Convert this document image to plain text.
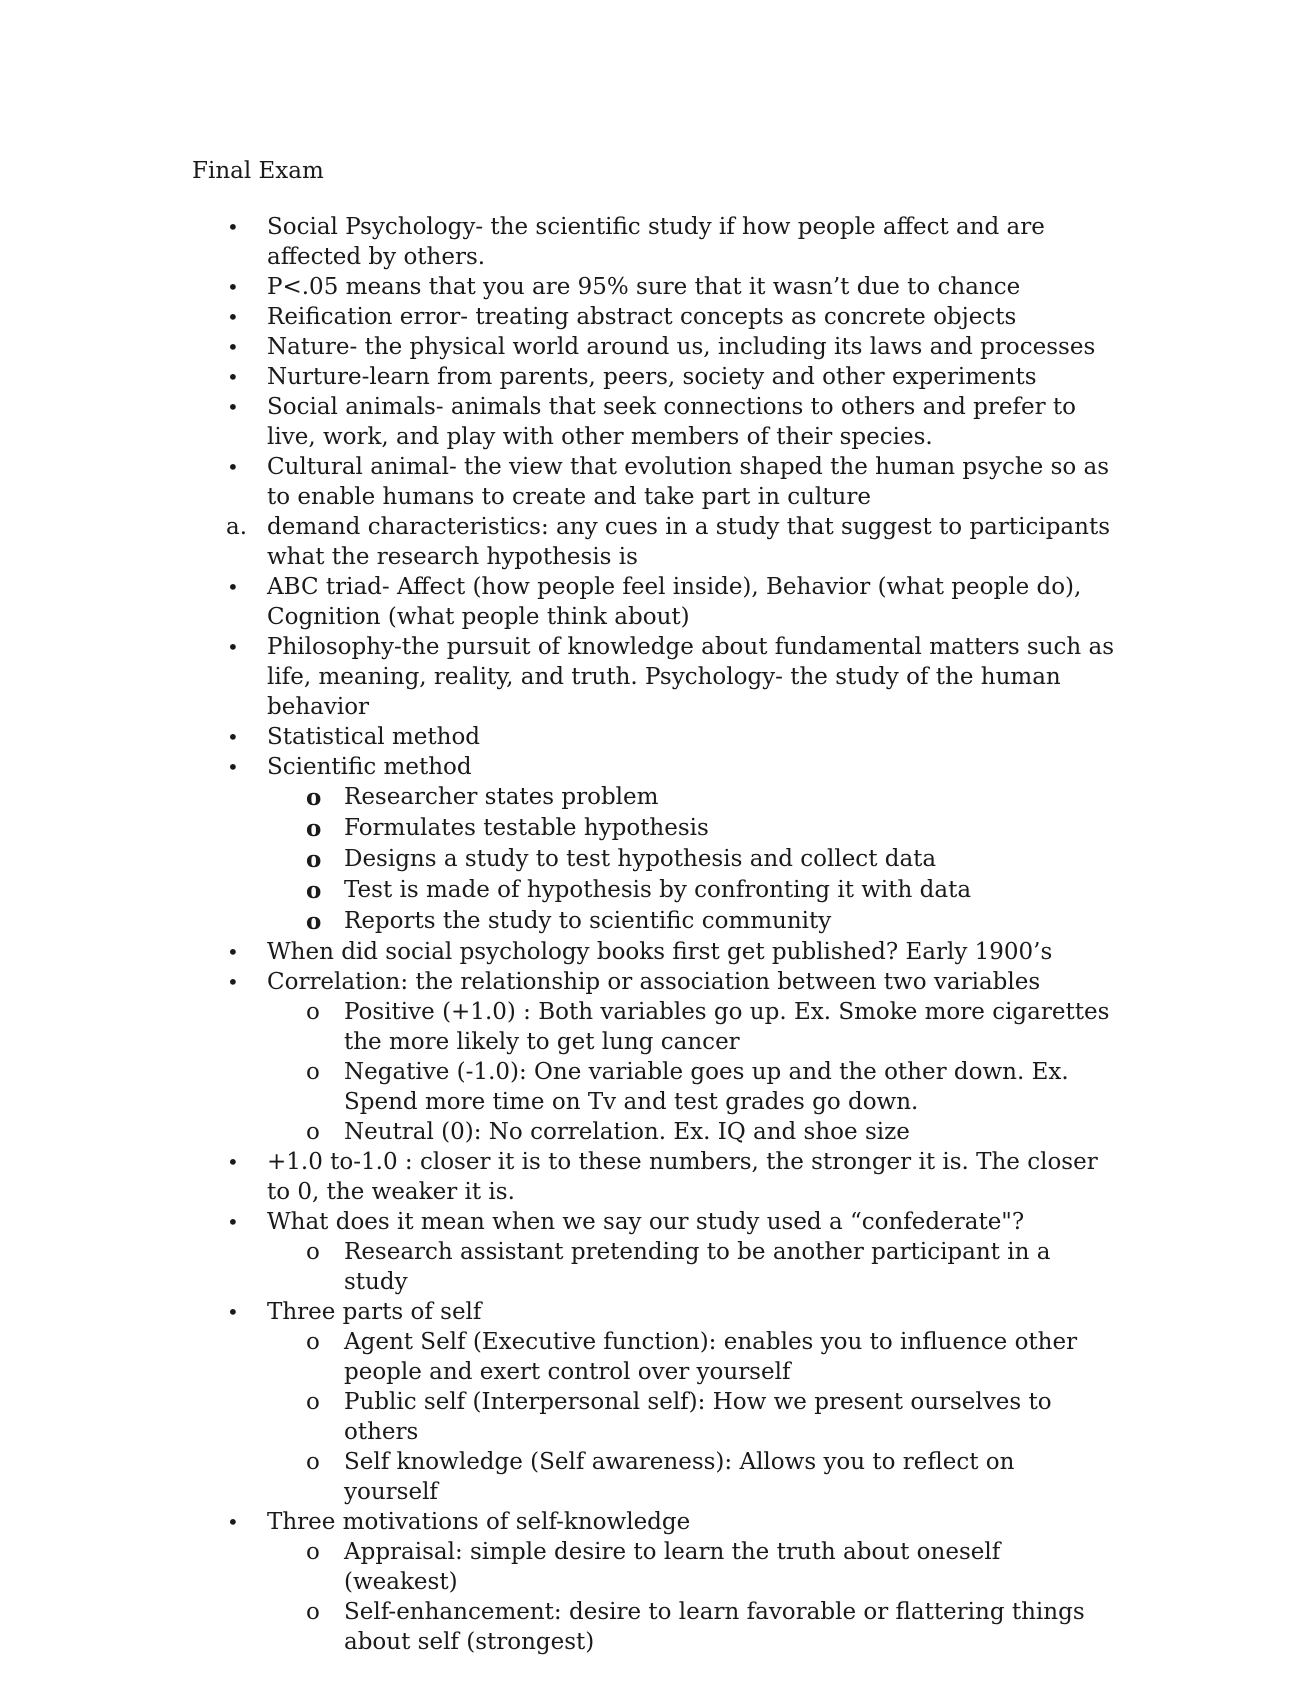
Final Exam
•	Social Psychology- the scientific study if how people affect and are affected by others.
•	P<.05 means that you are 95% sure that it wasn’t due to chance
•	Reification error- treating abstract concepts as concrete objects
•	Nature- the physical world around us, including its laws and processes
•	Nurture-learn from parents, peers, society and other experiments
•	Social animals- animals that seek connections to others and prefer to live, work, and play with other members of their species.
•	Cultural animal- the view that evolution shaped the human psyche so as to enable humans to create and take part in culture
a. demand characteristics: any cues in a study that suggest to participants what the research hypothesis is
•	ABC triad- Affect (how people feel inside), Behavior (what people do), Cognition (what people think about)
•	Philosophy-the pursuit of knowledge about fundamental matters such as life, meaning, reality, and truth. Psychology- the study of the human behavior
•	Statistical method
•	Scientific method
o Researcher states problem
o Formulates testable hypothesis
o Designs a study to test hypothesis and collect data
o Test is made of hypothesis by confronting it with data
o Reports the study to scientific community
•	When did social psychology books first get published? Early 1900’s
•	Correlation: the relationship or association between two variables
o Positive (+1.0) : Both variables go up. Ex. Smoke more cigarettes the more likely to get lung cancer
o Negative (-1.0): One variable goes up and the other down. Ex. Spend more time on Tv and test grades go down.
o Neutral (0): No correlation. Ex. IQ and shoe size
•	+1.0 to-1.0 : closer it is to these numbers, the stronger it is. The closer to 0, the weaker it is.
•	What does it mean when we say our study used a “confederate"?
o Research assistant pretending to be another participant in a study
•	Three parts of self
o Agent Self (Executive function): enables you to influence other people and exert control over yourself
o Public self (Interpersonal self): How we present ourselves to others
o Self knowledge (Self awareness): Allows you to reflect on yourself
•	Three motivations of self-knowledge
o Appraisal: simple desire to learn the truth about oneself (weakest)
o Self-enhancement: desire to learn favorable or flattering things about self (strongest)
